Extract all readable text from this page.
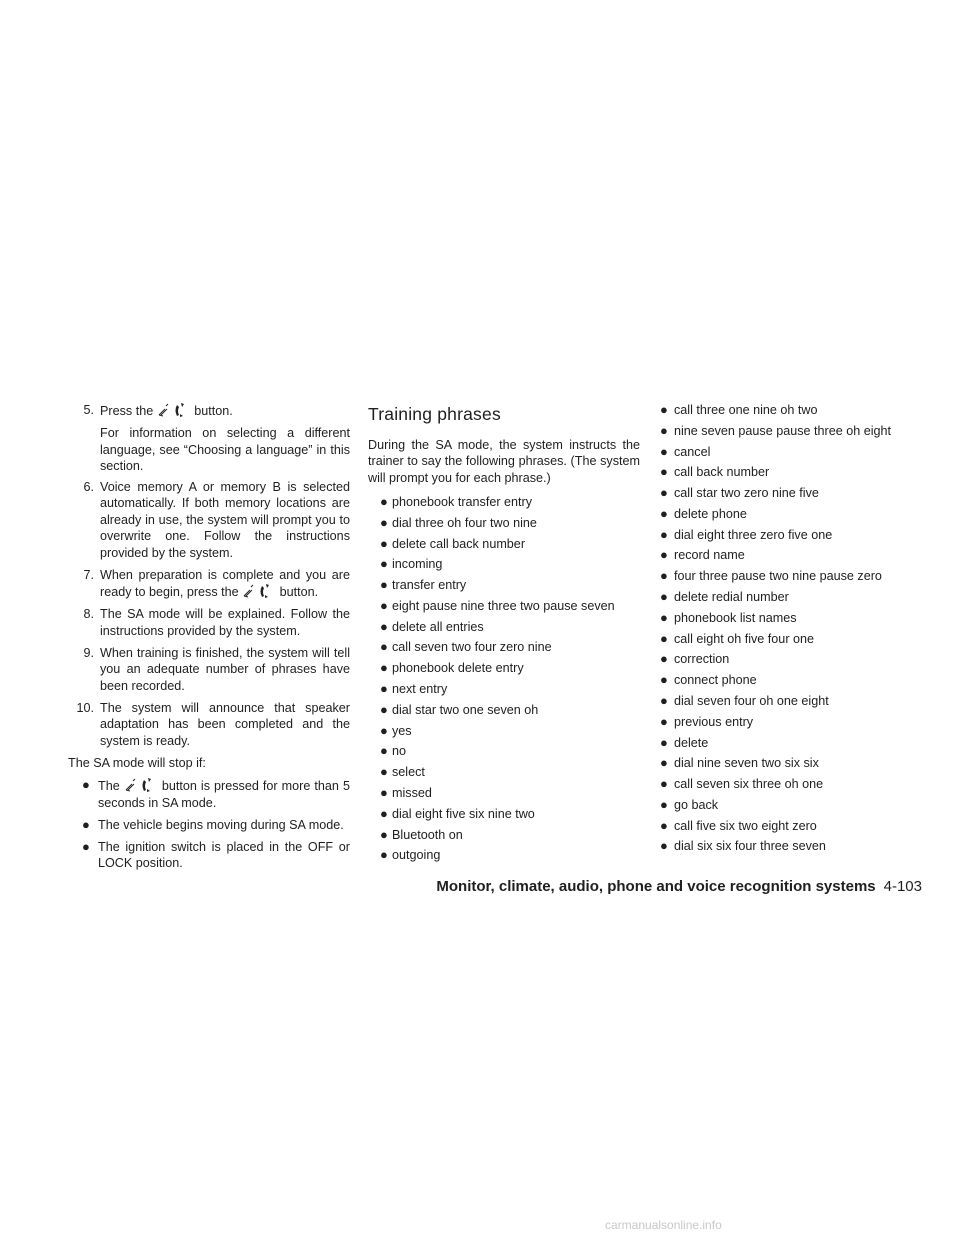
5. Press the	button.
For information on selecting a different language, see “Choosing a language” in this section.
6. Voice memory A or memory B is selected automatically. If both memory locations are already in use, the system will prompt you to overwrite one. Follow the instructions provided by the system.
7. When preparation is complete and you are ready to begin, press the	button.
8. The SA mode will be explained. Follow the instructions provided by the system.
9. When training is finished, the system will tell you an adequate number of phrases have been recorded.
10. The system will announce that speaker adaptation has been completed and the system is ready.

The SA mode will stop if:

● The	button is pressed for more than 5 seconds in SA mode.
● The vehicle begins moving during SA mode.
● The ignition switch is placed in the OFF or LOCK position.
Training phrases

During the SA mode, the system instructs the trainer to say the following phrases. (The system will prompt you for each phrase.)

● phonebook transfer entry
● dial three oh four two nine
● delete call back number
● incoming
● transfer entry
● eight pause nine three two pause seven
● delete all entries
● call seven two four zero nine
● phonebook delete entry
● next entry
● dial star two one seven oh
● yes
● no
● select
● missed
● dial eight five six nine two
● Bluetooth on
● outgoing
● call three one nine oh two
● nine seven pause pause three oh eight
● cancel
● call back number
● call star two zero nine five
● delete phone
● dial eight three zero five one
● record name
● four three pause two nine pause zero
● delete redial number
● phonebook list names
● call eight oh five four one
● correction
● connect phone
● dial seven four oh one eight
● previous entry
● delete
● dial nine seven two six six
● call seven six three oh one
● go back
● call five six two eight zero
● dial six six four three seven
Monitor, climate, audio, phone and voice recognition systems 4-103
carmanualsonline.info
